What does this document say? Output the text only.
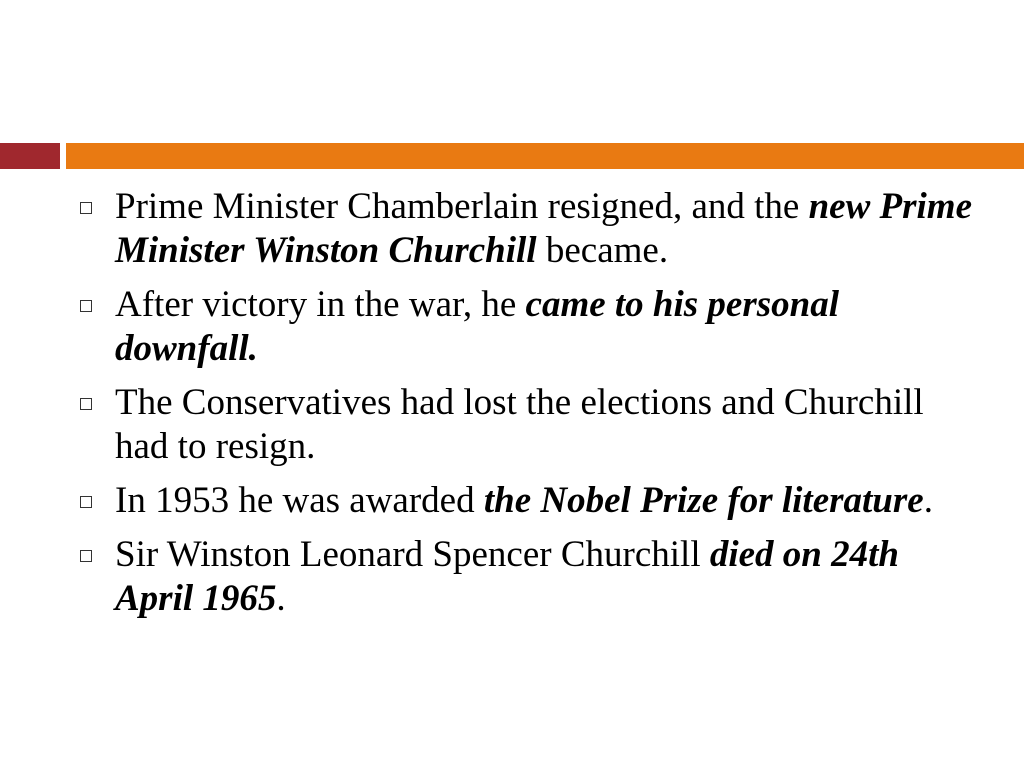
Prime Minister Chamberlain resigned, and the new Prime Minister Winston Churchill became.
After victory in the war, he came to his personal downfall.
The Conservatives had lost the elections and Churchill had to resign.
In 1953 he was awarded the Nobel Prize for literature.
Sir Winston Leonard Spencer Churchill died on 24th April 1965.
